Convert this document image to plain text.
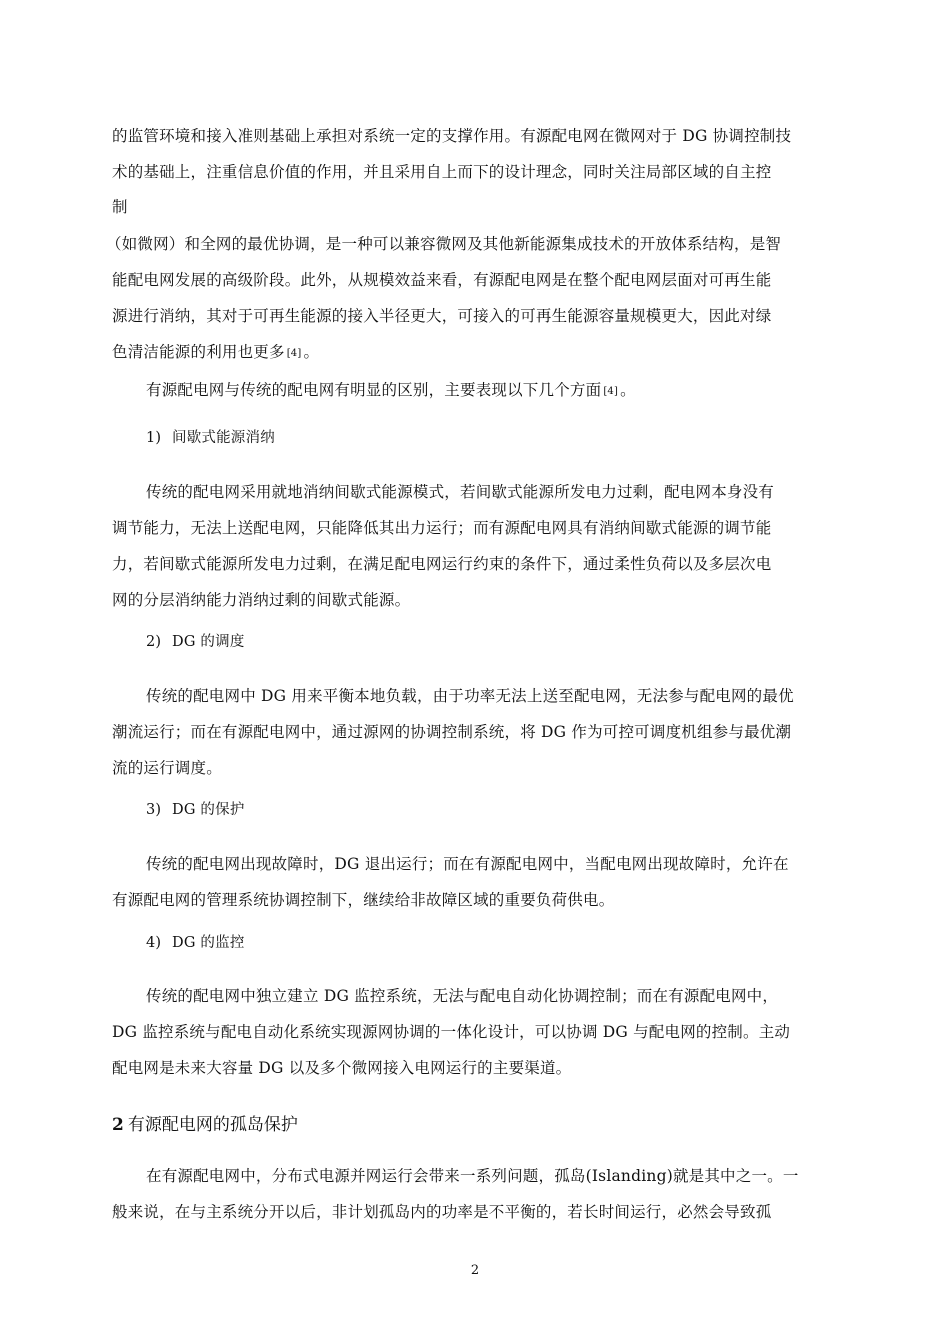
的监管环境和接入准则基础上承担对系统一定的支撑作用。有源配电网在微网对于 DG 协调控制技
术的基础上，注重信息价值的作用，并且采用自上而下的设计理念，同时关注局部区域的自主控
制
（如微网）和全网的最优协调，是一种可以兼容微网及其他新能源集成技术的开放体系结构，是智
能配电网发展的高级阶段。此外，从规模效益来看，有源配电网是在整个配电网层面对可再生能
源进行消纳，其对于可再生能源的接入半径更大，可接入的可再生能源容量规模更大，因此对绿
色清洁能源的利用也更多 [4] 。
有源配电网与传统的配电网有明显的区别，主要表现以下几个方面 [4] 。
1) 间歇式能源消纳
传统的配电网采用就地消纳间歇式能源模式，若间歇式能源所发电力过剩，配电网本身没有
调节能力，无法上送配电网，只能降低其出力运行；而有源配电网具有消纳间歇式能源的调节能
力，若间歇式能源所发电力过剩，在满足配电网运行约束的条件下，通过柔性负荷以及多层次电
网的分层消纳能力消纳过剩的间歇式能源。
2) DG 的调度
传统的配电网中 DG 用来平衡本地负载，由于功率无法上送至配电网，无法参与配电网的最优
潮流运行；而在有源配电网中，通过源网的协调控制系统，将 DG 作为可控可调度机组参与最优潮
流的运行调度。
3) DG 的保护
传统的配电网出现故障时，DG 退出运行；而在有源配电网中，当配电网出现故障时，允许在
有源配电网的管理系统协调控制下，继续给非故障区域的重要负荷供电。
4) DG 的监控
传统的配电网中独立建立 DG 监控系统，无法与配电自动化协调控制；而在有源配电网中，
DG 监控系统与配电自动化系统实现源网协调的一体化设计，可以协调 DG 与配电网的控制。主动
配电网是未来大容量 DG 以及多个微网接入电网运行的主要渠道。
2 有源配电网的孤岛保护
在有源配电网中，分布式电源并网运行会带来一系列问题，孤岛(Islanding)就是其中之一。一
般来说，在与主系统分开以后，非计划孤岛内的功率是不平衡的，若长时间运行，必然会导致孤
2
